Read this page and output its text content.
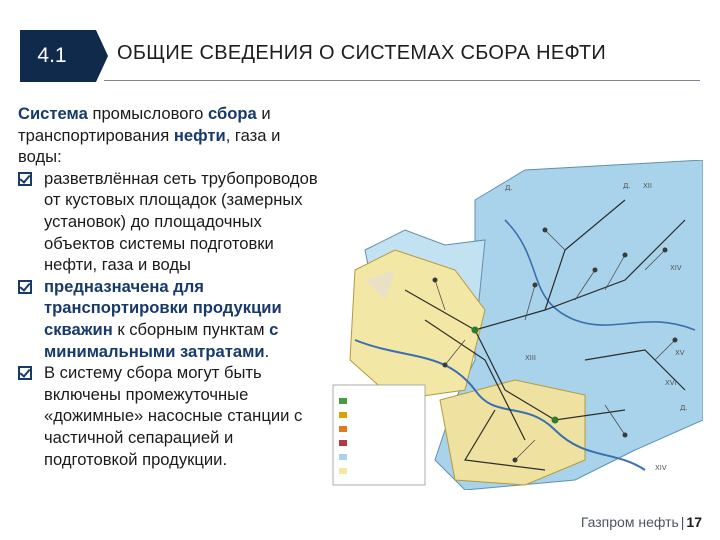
4.1	ОБЩИЕ СВЕДЕНИЯ О СИСТЕМАХ СБОРА НЕФТИ
Система промыслового сбора и транспортирования нефти, газа и воды:
разветвлённая сеть трубопроводов от кустовых площадок (замерных установок) до площадочных объектов системы подготовки нефти, газа и воды
предназначена для транспортировки продукции скважин к сборным пунктам с минимальными затратами.
В систему сбора могут быть включены промежуточные «дожимные» насосные станции с частичной сепарацией и подготовкой продукции.
XII
XIV
XV
XVI
XIV
XIII
Д.
Д.
Д.
Газпром нефть | 17
